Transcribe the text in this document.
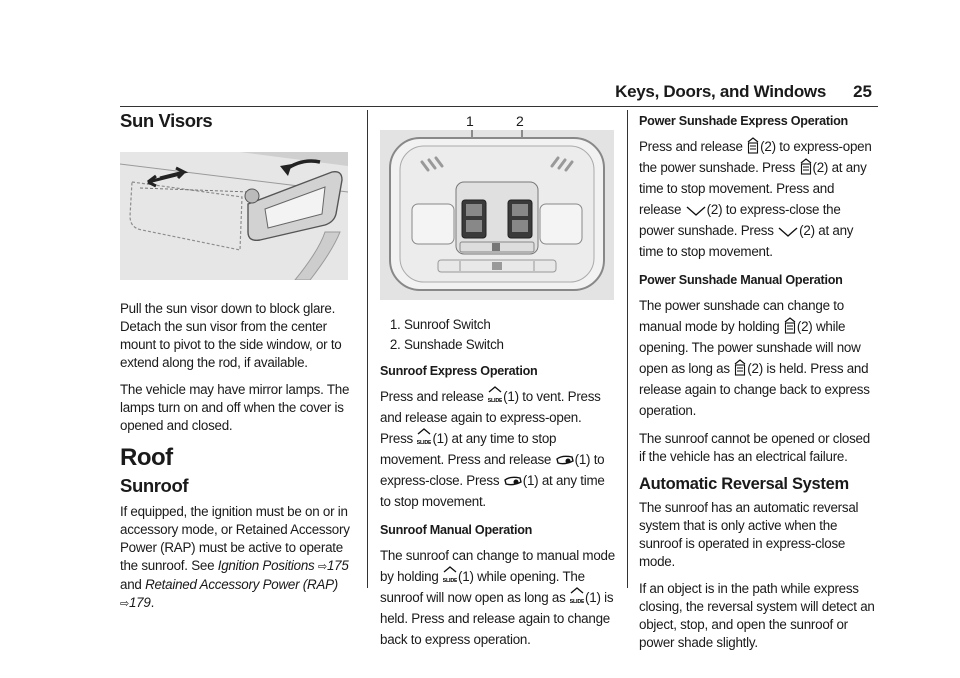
Keys, Doors, and Windows 25
Sun Visors

Pull the sun visor down to block glare. Detach the sun visor from the center mount to pivot to the side window, or to extend along the rod, if available.

The vehicle may have mirror lamps. The lamps turn on and off when the cover is opened and closed.

Roof
Sunroof

If equipped, the ignition must be on or in accessory mode, or Retained Accessory Power (RAP) must be active to operate the sunroof. See Ignition Positions ⇨175 and Retained Accessory Power (RAP) ⇨179.

1	2
1. Sunroof Switch
2. Sunshade Switch
Sunroof Express Operation

Press and release SLIDE (1) to vent. Press and release again to express-open. Press SLIDE (1) at any time to stop movement. Press and release (1) to express-close. Press (1) at any time to stop movement.

Sunroof Manual Operation

The sunroof can change to manual mode by holding SLIDE (1) while opening. The sunroof will now open as long as SLIDE (1) is held. Press and release again to change back to express operation.

Power Sunshade Express Operation

Press and release (2) to express-open the power sunshade. Press (2) at any time to stop movement. Press and release (2) to express-close the power sunshade. Press (2) at any time to stop movement.

Power Sunshade Manual Operation

The power sunshade can change to manual mode by holding (2) while opening. The power sunshade will now open as long as (2) is held. Press and release again to change back to express operation.

The sunroof cannot be opened or closed if the vehicle has an electrical failure.

Automatic Reversal System

The sunroof has an automatic reversal system that is only active when the sunroof is operated in express-close mode.

If an object is in the path while express closing, the reversal system will detect an object, stop, and open the sunroof or power shade slightly.
